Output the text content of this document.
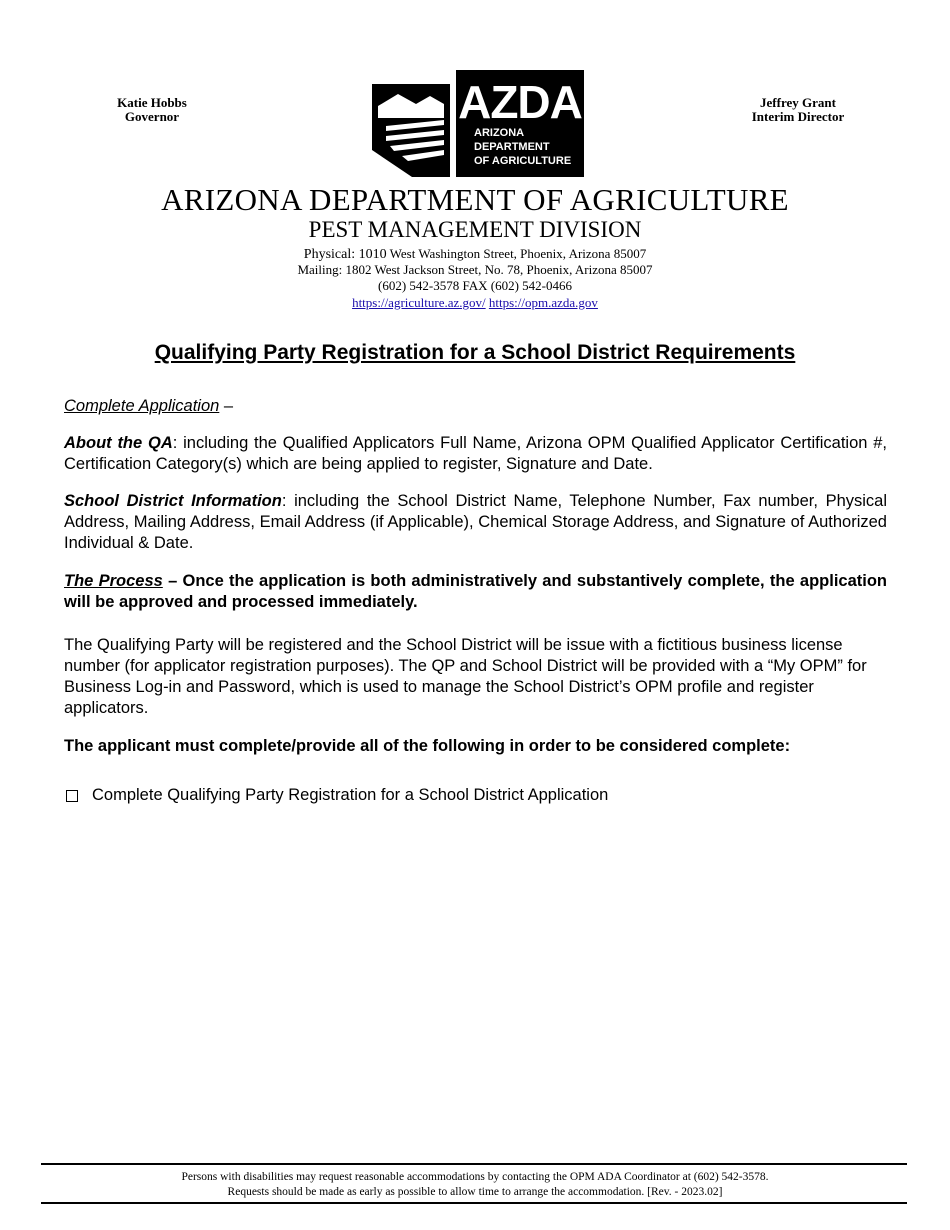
Katie Hobbs
Governor	AZDA
ARIZONA
DEPARTMENT
OF AGRICULTURE
Jeffrey Grant
Interim Director
ARIZONA DEPARTMENT OF AGRICULTURE
PEST MANAGEMENT DIVISION
Physical: 1010 West Washington Street, Phoenix, Arizona 85007
Mailing: 1802 West Jackson Street, No. 78, Phoenix, Arizona 85007
(602) 542-3578 FAX (602) 542-0466
https://agriculture.az.gov/ https://opm.azda.gov
Qualifying Party Registration for a School District Requirements
Complete Application –
About the QA: including the Qualified Applicators Full Name, Arizona OPM Qualified Applicator Certification #, Certification Category(s) which are being applied to register, Signature and Date.
School District Information: including the School District Name, Telephone Number, Fax number, Physical Address, Mailing Address, Email Address (if Applicable), Chemical Storage Address, and Signature of Authorized Individual & Date.
The Process – Once the application is both administratively and substantively complete, the application will be approved and processed immediately.
The Qualifying Party will be registered and the School District will be issue with a fictitious business license number (for applicator registration purposes). The QP and School District will be provided with a “My OPM” for Business Log-in and Password, which is used to manage the School District’s OPM profile and register applicators.
The applicant must complete/provide all of the following in order to be considered complete:
Complete Qualifying Party Registration for a School District Application
Persons with disabilities may request reasonable accommodations by contacting the OPM ADA Coordinator at (602) 542-3578.
Requests should be made as early as possible to allow time to arrange the accommodation. [Rev. - 2023.02]
